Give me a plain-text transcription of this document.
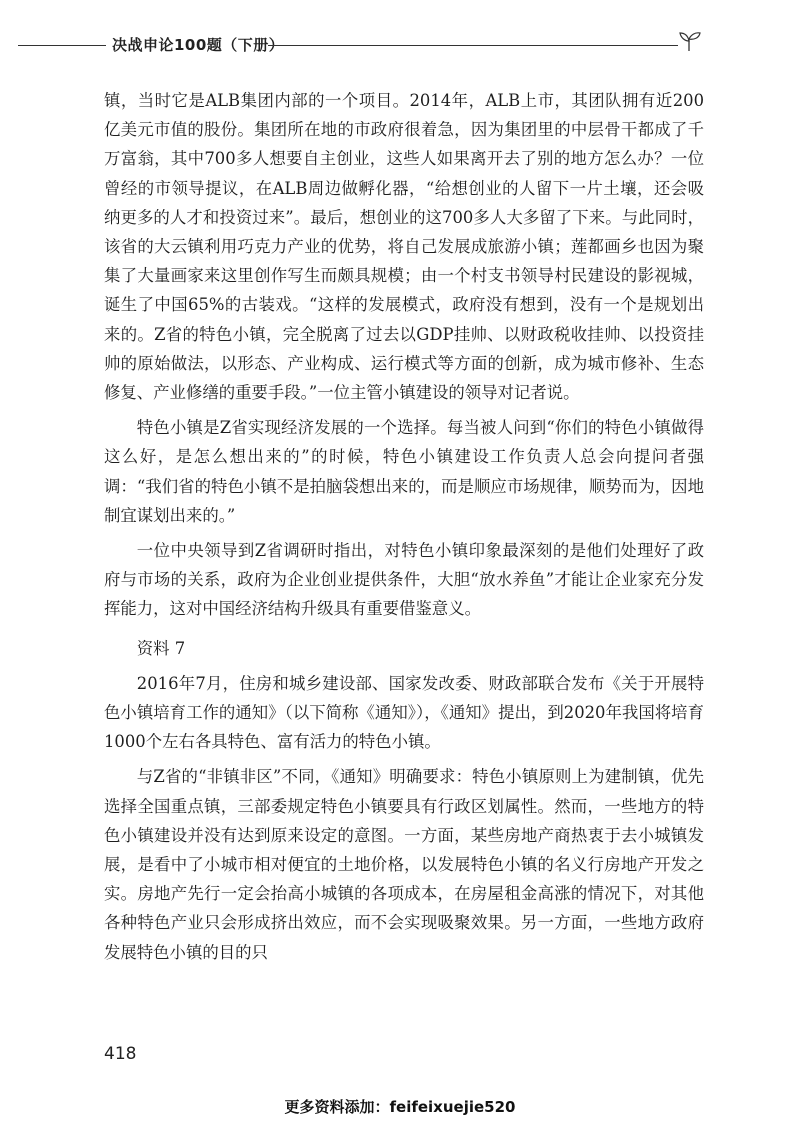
决战申论100题（下册）

镇，当时它是ALB集团内部的一个项目。2014年，ALB上市，其团队拥有近200亿美元市值的股份。集团所在地的市政府很着急，因为集团里的中层骨干都成了千万富翁，其中700多人想要自主创业，这些人如果离开去了别的地方怎么办？一位曾经的市领导提议，在ALB周边做孵化器，“给想创业的人留下一片土壤，还会吸纳更多的人才和投资过来”。最后，想创业的这700多人大多留了下来。与此同时，该省的大云镇利用巧克力产业的优势，将自己发展成旅游小镇；莲都画乡也因为聚集了大量画家来这里创作写生而颇具规模；由一个村支书领导村民建设的影视城，诞生了中国65%的古装戏。“这样的发展模式，政府没有想到，没有一个是规划出来的。Z省的特色小镇，完全脱离了过去以GDP挂帅、以财政税收挂帅、以投资挂帅的原始做法，以形态、产业构成、运行模式等方面的创新，成为城市修补、生态修复、产业修缮的重要手段。”一位主管小镇建设的领导对记者说。

特色小镇是Z省实现经济发展的一个选择。每当被人问到“你们的特色小镇做得这么好，是怎么想出来的”的时候，特色小镇建设工作负责人总会向提问者强调：“我们省的特色小镇不是拍脑袋想出来的，而是顺应市场规律，顺势而为，因地制宜谋划出来的。”

一位中央领导到Z省调研时指出，对特色小镇印象最深刻的是他们处理好了政府与市场的关系，政府为企业创业提供条件，大胆“放水养鱼”才能让企业家充分发挥能力，这对中国经济结构升级具有重要借鉴意义。

资料 7

2016年7月，住房和城乡建设部、国家发改委、财政部联合发布《关于开展特色小镇培育工作的通知》（以下简称《通知》），《通知》提出，到2020年我国将培育1000个左右各具特色、富有活力的特色小镇。

与Z省的“非镇非区”不同，《通知》明确要求：特色小镇原则上为建制镇，优先选择全国重点镇，三部委规定特色小镇要具有行政区划属性。然而，一些地方的特色小镇建设并没有达到原来设定的意图。一方面，某些房地产商热衷于去小城镇发展，是看中了小城市相对便宜的土地价格，以发展特色小镇的名义行房地产开发之实。房地产先行一定会抬高小城镇的各项成本，在房屋租金高涨的情况下，对其他各种特色产业只会形成挤出效应，而不会实现吸聚效果。另一方面，一些地方政府发展特色小镇的目的只

418
更多资料添加：feifeixuejie520
